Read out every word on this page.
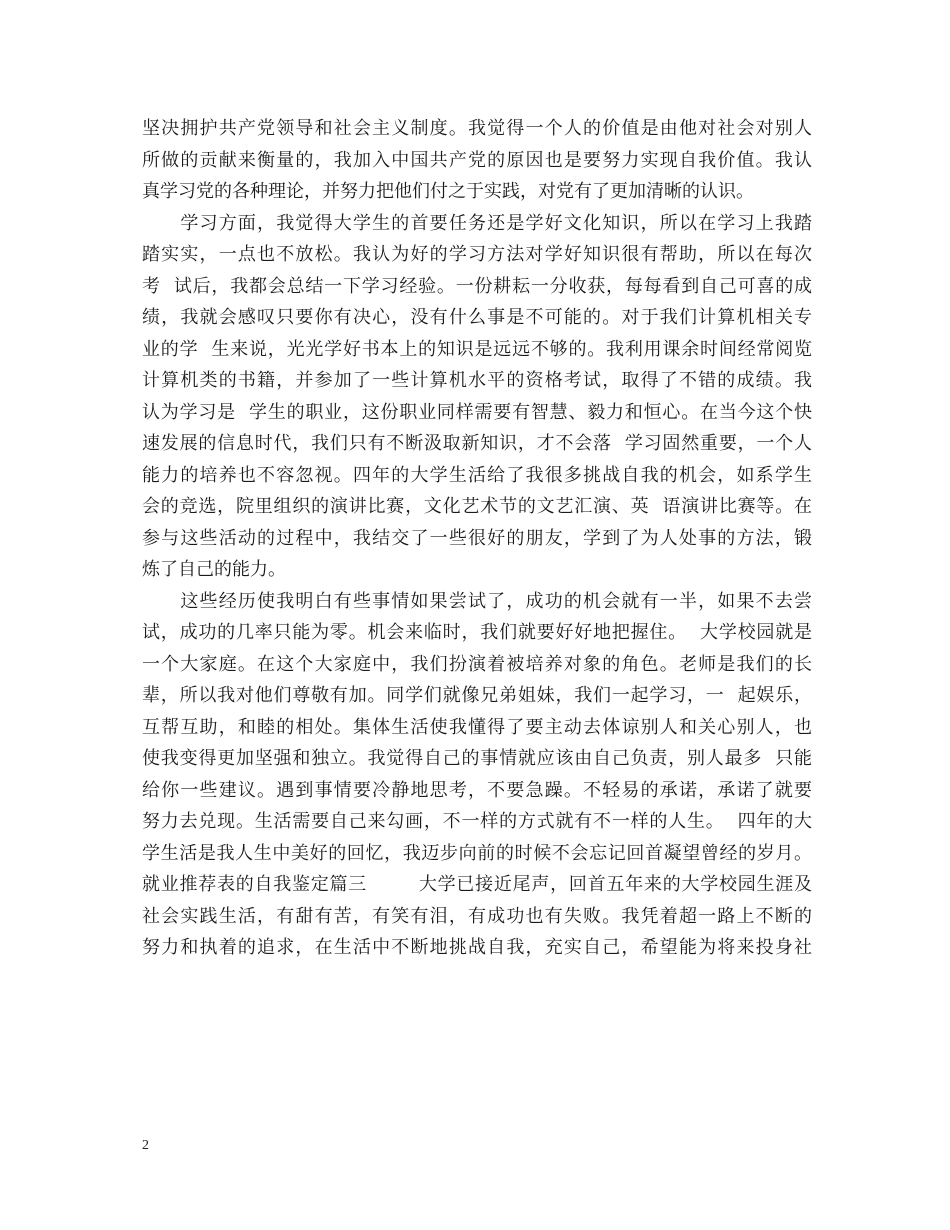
坚决拥护共产党领导和社会主义制度。我觉得一个人的价值是由他对社会对别人
所做的贡献来衡量的，我加入中国共产党的原因也是要努力实现自我价值。我认
真学习党的各种理论，并努力把他们付之于实践，对党有了更加清晰的认识。
　　学习方面，我觉得大学生的首要任务还是学好文化知识，所以在学习上我踏
踏实实，一点也不放松。我认为好的学习方法对学好知识很有帮助，所以在每次
考  试后，我都会总结一下学习经验。一份耕耘一分收获，每每看到自己可喜的成
绩，我就会感叹只要你有决心，没有什么事是不可能的。对于我们计算机相关专
业的学  生来说，光光学好书本上的知识是远远不够的。我利用课余时间经常阅览
计算机类的书籍，并参加了一些计算机水平的资格考试，取得了不错的成绩。我
认为学习是  学生的职业，这份职业同样需要有智慧、毅力和恒心。在当今这个快
速发展的信息时代，我们只有不断汲取新知识，才不会落  学习固然重要，一个人
能力的培养也不容忽视。四年的大学生活给了我很多挑战自我的机会，如系学生
会的竞选，院里组织的演讲比赛，文化艺术节的文艺汇演、英  语演讲比赛等。在
参与这些活动的过程中，我结交了一些很好的朋友，学到了为人处事的方法，锻
炼了自己的能力。
　　这些经历使我明白有些事情如果尝试了，成功的机会就有一半，如果不去尝
试，成功的几率只能为零。机会来临时，我们就要好好地把握住。  大学校园就是
一个大家庭。在这个大家庭中，我们扮演着被培养对象的角色。老师是我们的长
辈，所以我对他们尊敬有加。同学们就像兄弟姐妹，我们一起学习，一  起娱乐，
互帮互助，和睦的相处。集体生活使我懂得了要主动去体谅别人和关心别人，也
使我变得更加坚强和独立。我觉得自己的事情就应该由自己负责，别人最多  只能
给你一些建议。遇到事情要冷静地思考，不要急躁。不轻易的承诺，承诺了就要
努力去兑现。生活需要自己来勾画，不一样的方式就有不一样的人生。  四年的大
学生活是我人生中美好的回忆，我迈步向前的时候不会忘记回首凝望曾经的岁月。
就业推荐表的自我鉴定篇三        大学已接近尾声，回首五年来的大学校园生涯及
社会实践生活，有甜有苦，有笑有泪，有成功也有失败。我凭着超一路上不断的
努力和执着的追求，在生活中不断地挑战自我，充实自己，希望能为将来投身社
2
